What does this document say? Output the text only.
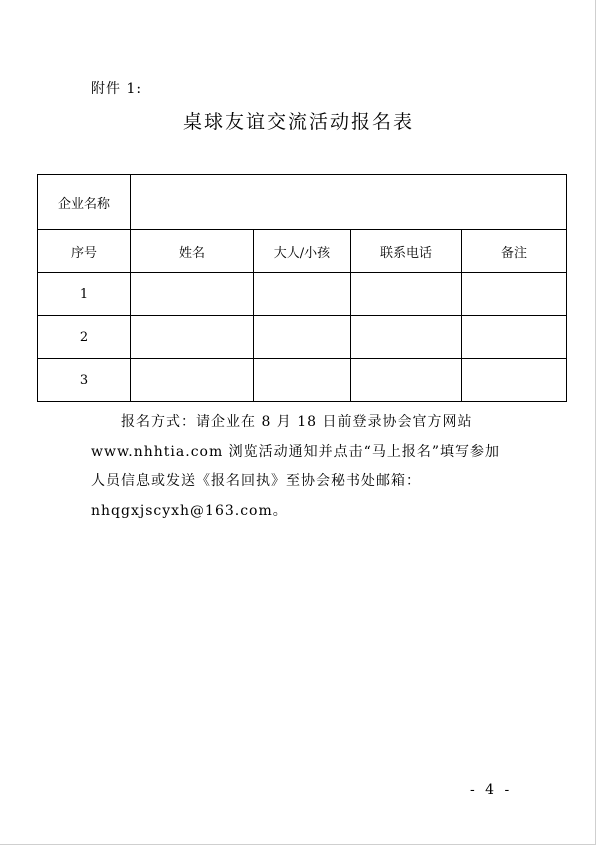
附件 1:
桌球友谊交流活动报名表
企业名称				
序号	姓名	大人/小孩	联系电话	备注
1				
2				
3				
报名方式：请企业在 8 月 18 日前登录协会官方网站
www.nhhtia.com 浏览活动通知并点击“马上报名”填写参加
人员信息或发送《报名回执》至协会秘书处邮箱：
nhqgxjscyxh@163.com。
- 4 -
